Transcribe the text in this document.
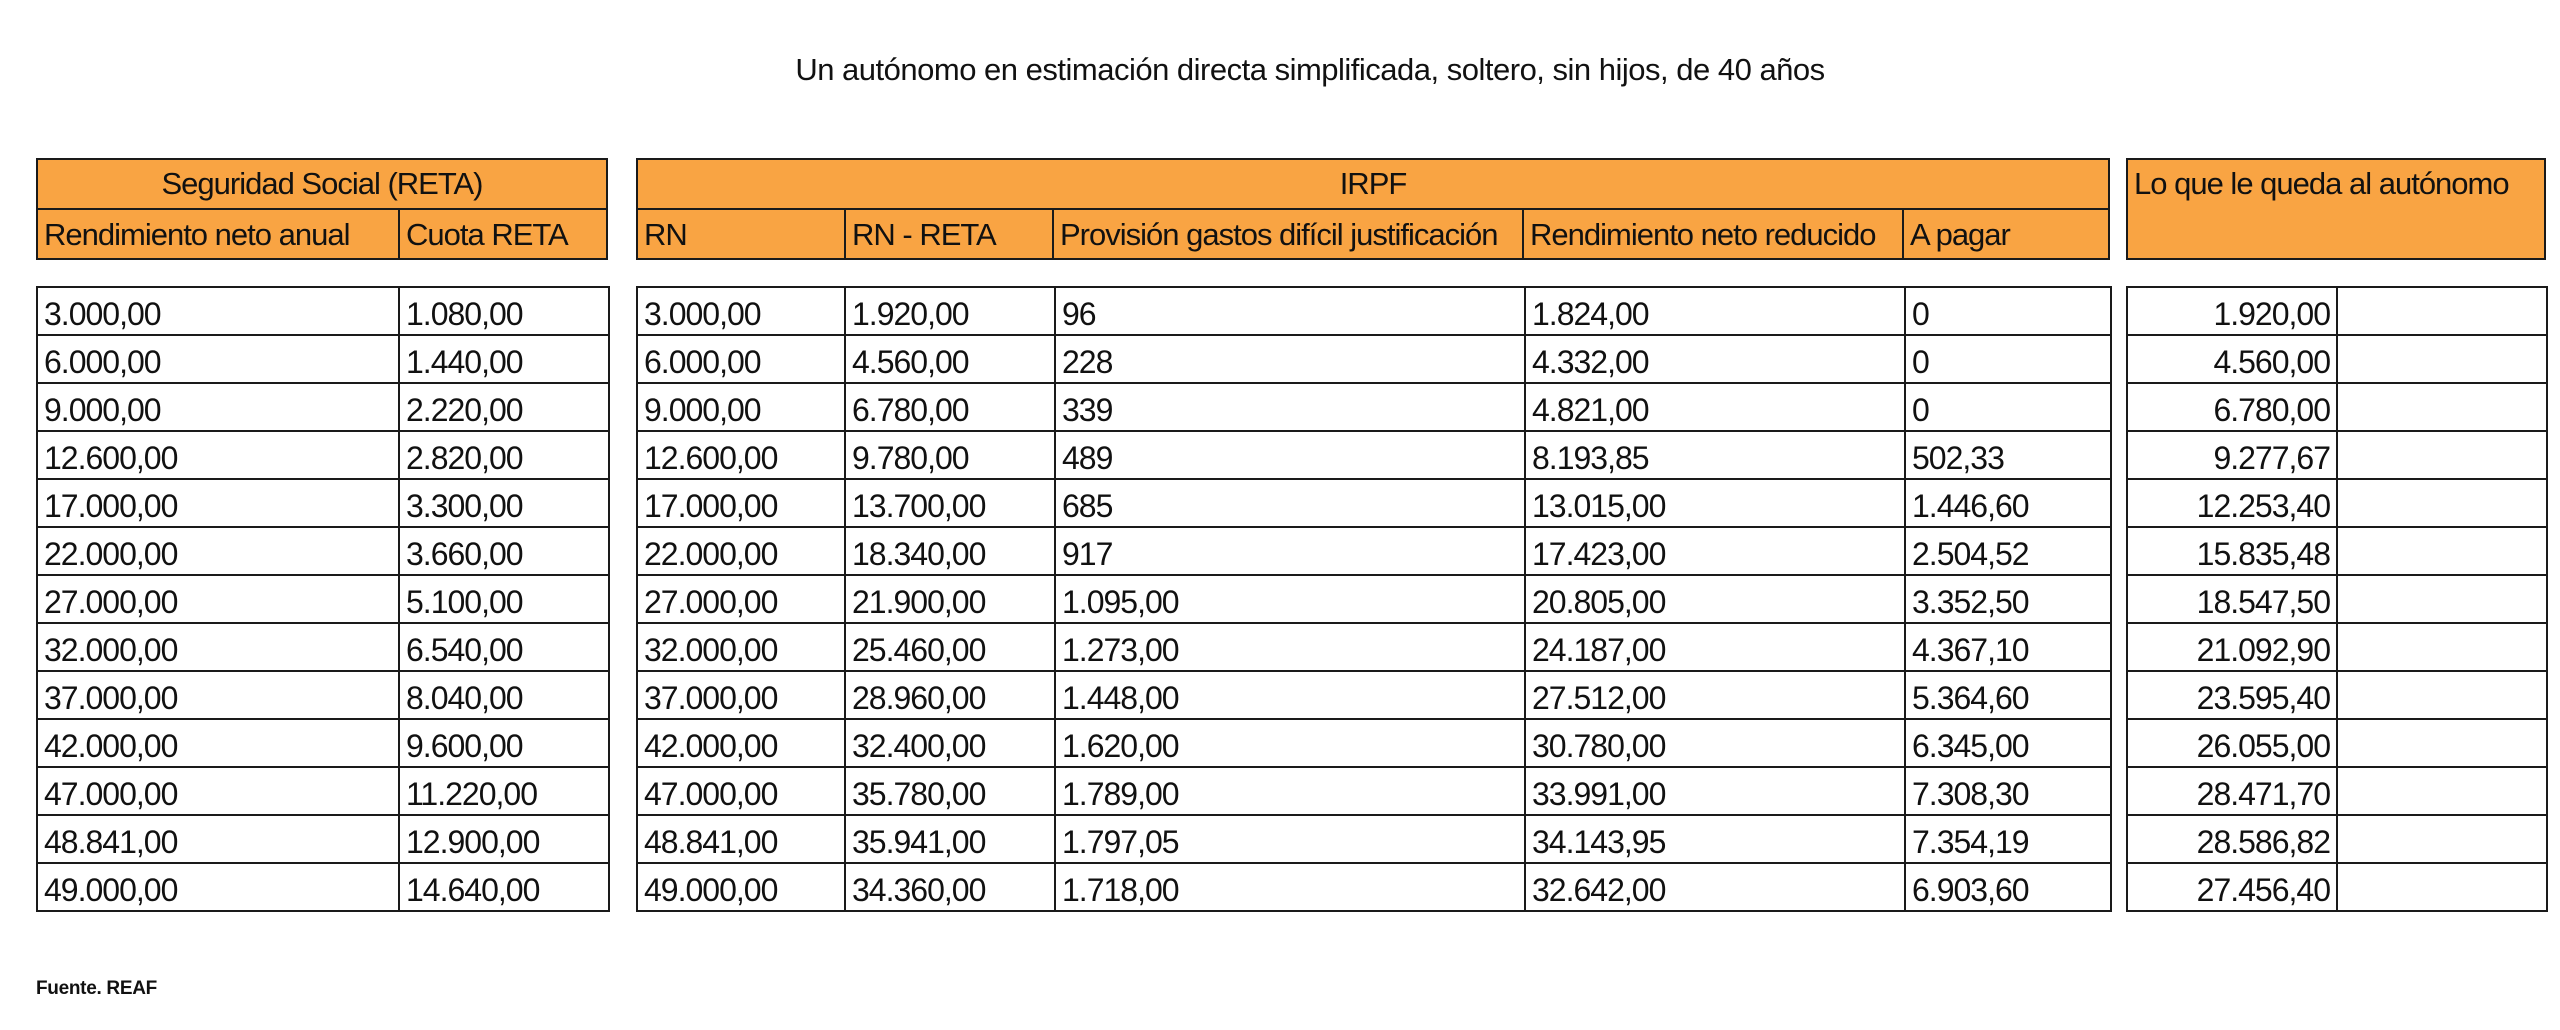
Un autónomo en estimación directa simplificada, soltero, sin hijos, de 40 años
Seguridad Social (RETA)
Rendimiento neto anual	Cuota RETA
3.000,00	1.080,00
6.000,00	1.440,00
9.000,00	2.220,00
12.600,00	2.820,00
17.000,00	3.300,00
22.000,00	3.660,00
27.000,00	5.100,00
32.000,00	6.540,00
37.000,00	8.040,00
42.000,00	9.600,00
47.000,00	11.220,00
48.841,00	12.900,00
49.000,00	14.640,00
IRPF
RN	RN - RETA	Provisión gastos difícil justificación	Rendimiento neto reducido	A pagar
3.000,00	1.920,00	96	1.824,00	0
6.000,00	4.560,00	228	4.332,00	0
9.000,00	6.780,00	339	4.821,00	0
12.600,00	9.780,00	489	8.193,85	502,33
17.000,00	13.700,00	685	13.015,00	1.446,60
22.000,00	18.340,00	917	17.423,00	2.504,52
27.000,00	21.900,00	1.095,00	20.805,00	3.352,50
32.000,00	25.460,00	1.273,00	24.187,00	4.367,10
37.000,00	28.960,00	1.448,00	27.512,00	5.364,60
42.000,00	32.400,00	1.620,00	30.780,00	6.345,00
47.000,00	35.780,00	1.789,00	33.991,00	7.308,30
48.841,00	35.941,00	1.797,05	34.143,95	7.354,19
49.000,00	34.360,00	1.718,00	32.642,00	6.903,60
Lo que le queda al autónomo
1.920,00	
4.560,00	
6.780,00	
9.277,67	
12.253,40	
15.835,48	
18.547,50	
21.092,90	
23.595,40	
26.055,00	
28.471,70	
28.586,82	
27.456,40	
Fuente. REAF
